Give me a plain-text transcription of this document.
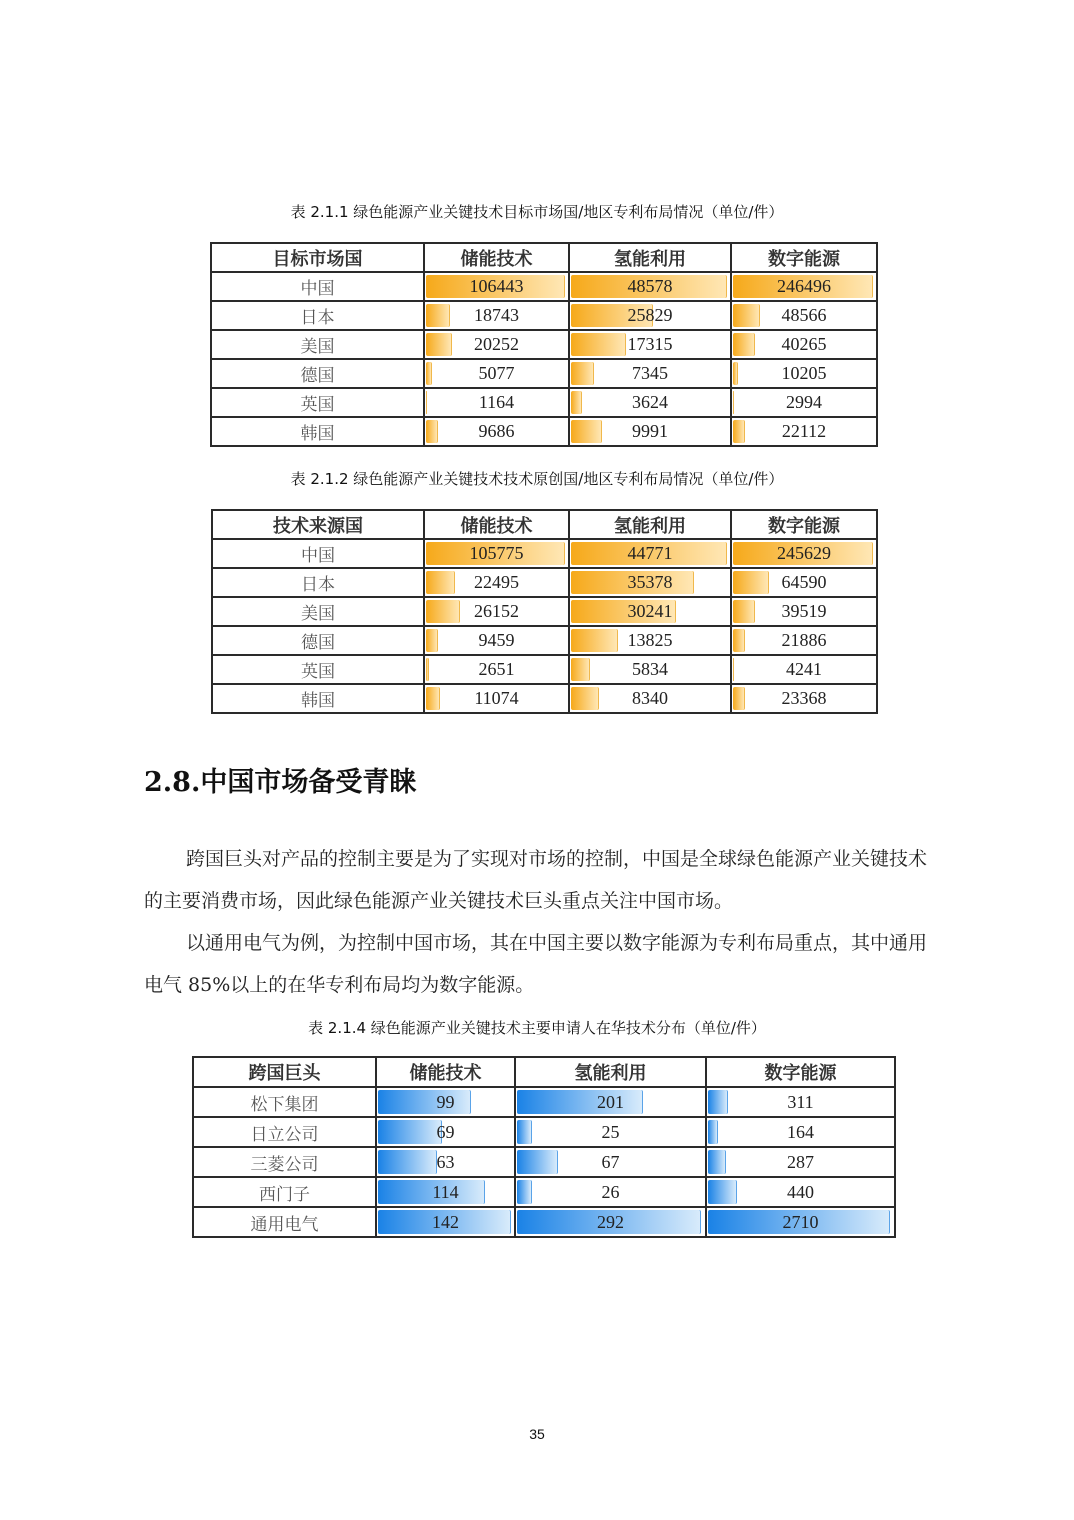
表 2.1.1 绿色能源产业关键技术目标市场国/地区专利布局情况（单位/件）
目标市场国	储能技术	氢能利用	数字能源
中国	106443	48578	246496
日本	18743	25829	48566
美国	20252	17315	40265
德国	5077	7345	10205
英国	1164	3624	2994
韩国	9686	9991	22112
表 2.1.2 绿色能源产业关键技术技术原创国/地区专利布局情况（单位/件）
技术来源国	储能技术	氢能利用	数字能源
中国	105775	44771	245629
日本	22495	35378	64590
美国	26152	30241	39519
德国	9459	13825	21886
英国	2651	5834	4241
韩国	11074	8340	23368
2.8.中国市场备受青睐

跨国巨头对产品的控制主要是为了实现对市场的控制，中国是全球绿色能源产业关键技术的主要消费市场，因此绿色能源产业关键技术巨头重点关注中国市场。

以通用电气为例，为控制中国市场，其在中国主要以数字能源为专利布局重点，其中通用电气 85%以上的在华专利布局均为数字能源。

表 2.1.4 绿色能源产业关键技术主要申请人在华技术分布（单位/件）
跨国巨头	储能技术	氢能利用	数字能源
松下集团	99	201	311
日立公司	69	25	164
三菱公司	63	67	287
西门子	114	26	440
通用电气	142	292	2710
35
